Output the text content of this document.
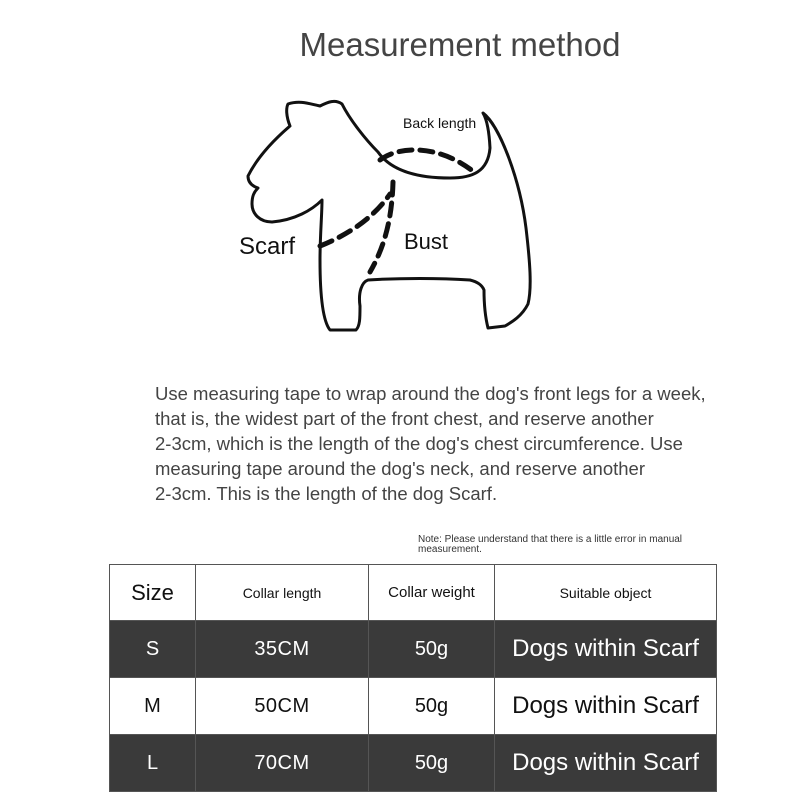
Measurement method
Back length
Scarf	Bust
Use measuring tape to wrap around the dog's front legs for a week,
that is, the widest part of the front chest, and reserve another
2-3cm, which is the length of the dog's chest circumference. Use
measuring tape around the dog's neck, and reserve another
2-3cm. This is the length of the dog Scarf.
Note: Please understand that there is a little error in manual measurement.
Size	Collar length	Collar weight	Suitable object
S	35CM	50g	Dogs within Scarf
M	50CM	50g	Dogs within Scarf
L	70CM	50g	Dogs within Scarf
